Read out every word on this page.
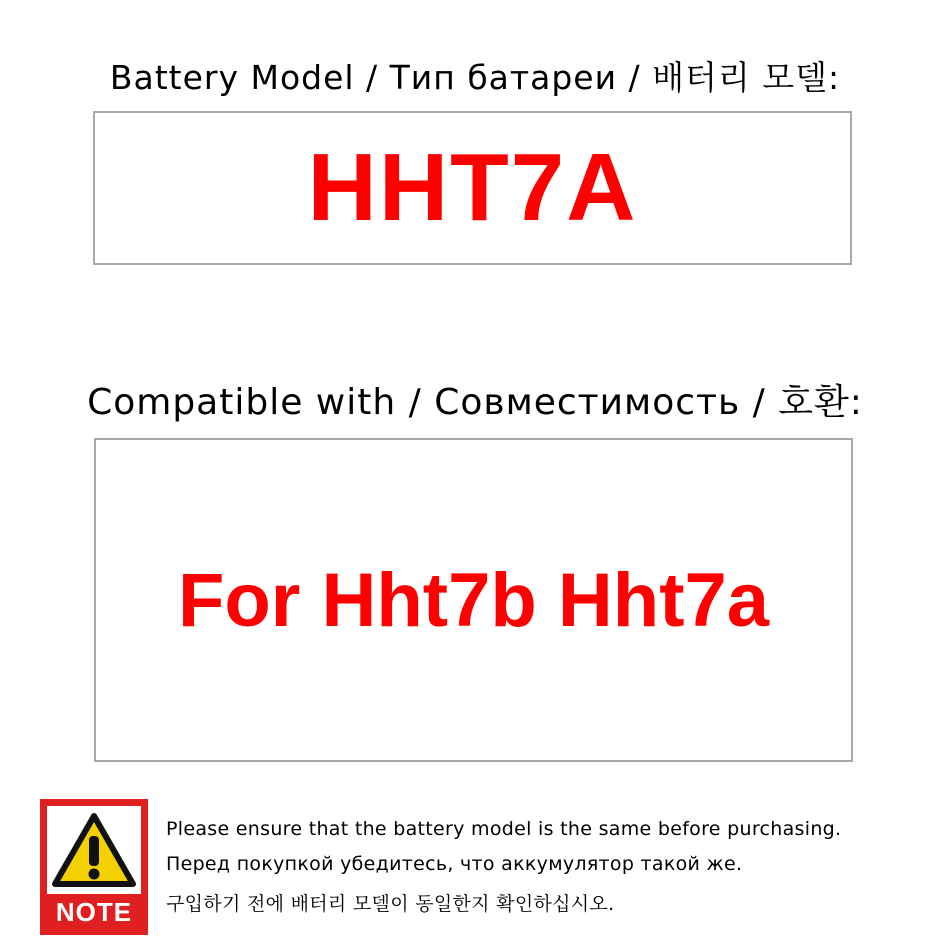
Battery Model / Тип батареи / 배터리 모델:
HHT7A
Compatible with / Совместимость / 호환:
For Hht7b Hht7a
NOTE
Please ensure that the battery model is the same before purchasing.
Перед покупкой убедитесь, что аккумулятор такой же.
구입하기 전에 배터리 모델이 동일한지 확인하십시오.
